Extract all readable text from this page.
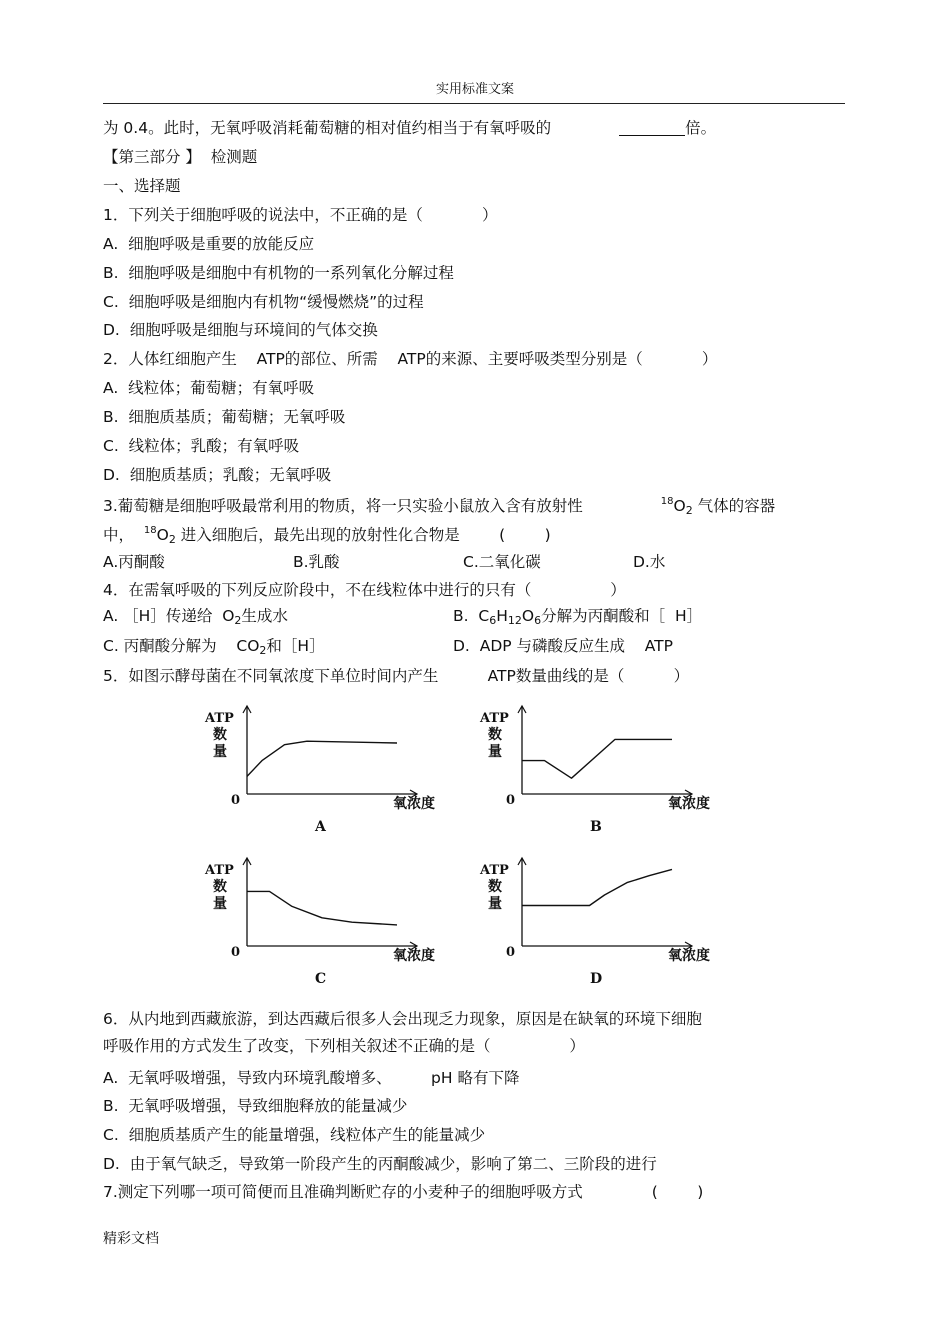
实用标准文案
为 0.4。此时，无氧呼吸消耗葡萄糖的相对值约相当于有氧呼吸的	倍。
【第三部分 】  检测题
一、选择题
1．下列关于细胞呼吸的说法中，不正确的是（            ）
A.  细胞呼吸是重要的放能反应
B.  细胞呼吸是细胞中有机物的一系列氧化分解过程
C.  细胞呼吸是细胞内有机物“缓慢燃烧”的过程
D.  细胞呼吸是细胞与环境间的气体交换
2．人体红细胞产生    ATP的部位、所需    ATP的来源、主要呼吸类型分别是（            ）
A.  线粒体；葡萄糖；有氧呼吸
B.  细胞质基质；葡萄糖；无氧呼吸
C.  线粒体；乳酸；有氧呼吸
D.  细胞质基质；乳酸；无氧呼吸
3.葡萄糖是细胞呼吸最常利用的物质，将一只实验小鼠放入含有放射性	$^{18}O_2$ 气体的容器
中， $^{18}O_2$ 进入细胞后，最先出现的放射性化合物是        (        )
A.丙酮酸	B.乳酸	C.二氧化碳	D.水
4．在需氧呼吸的下列反应阶段中，不在线粒体中进行的只有（                ）
A. ［H］传递给  $O_2$生成水	B.  $C_6H_{12}O_6$分解为丙酮酸和［  H］
C. 丙酮酸分解为    $CO_2$和［H］	D.  ADP 与磷酸反应生成    ATP
5．如图示酵母菌在不同氧浓度下单位时间内产生          ATP数量曲线的是（          ）
ATP
数
量
0	氧浓度
A
ATP
数
量
0	氧浓度
B
ATP
数
量
0	氧浓度
C
ATP
数
量
0	氧浓度
D
6．从内地到西藏旅游，到达西藏后很多人会出现乏力现象，原因是在缺氧的环境下细胞
呼吸作用的方式发生了改变，下列相关叙述不正确的是（                ）
A.  无氧呼吸增强，导致内环境乳酸增多、        pH 略有下降
B.  无氧呼吸增强，导致细胞释放的能量减少
C.  细胞质基质产生的能量增强，线粒体产生的能量减少
D.  由于氧气缺乏，导致第一阶段产生的丙酮酸减少，影响了第二、三阶段的进行
7.测定下列哪一项可简便而且准确判断贮存的小麦种子的细胞呼吸方式              (        )
精彩文档
